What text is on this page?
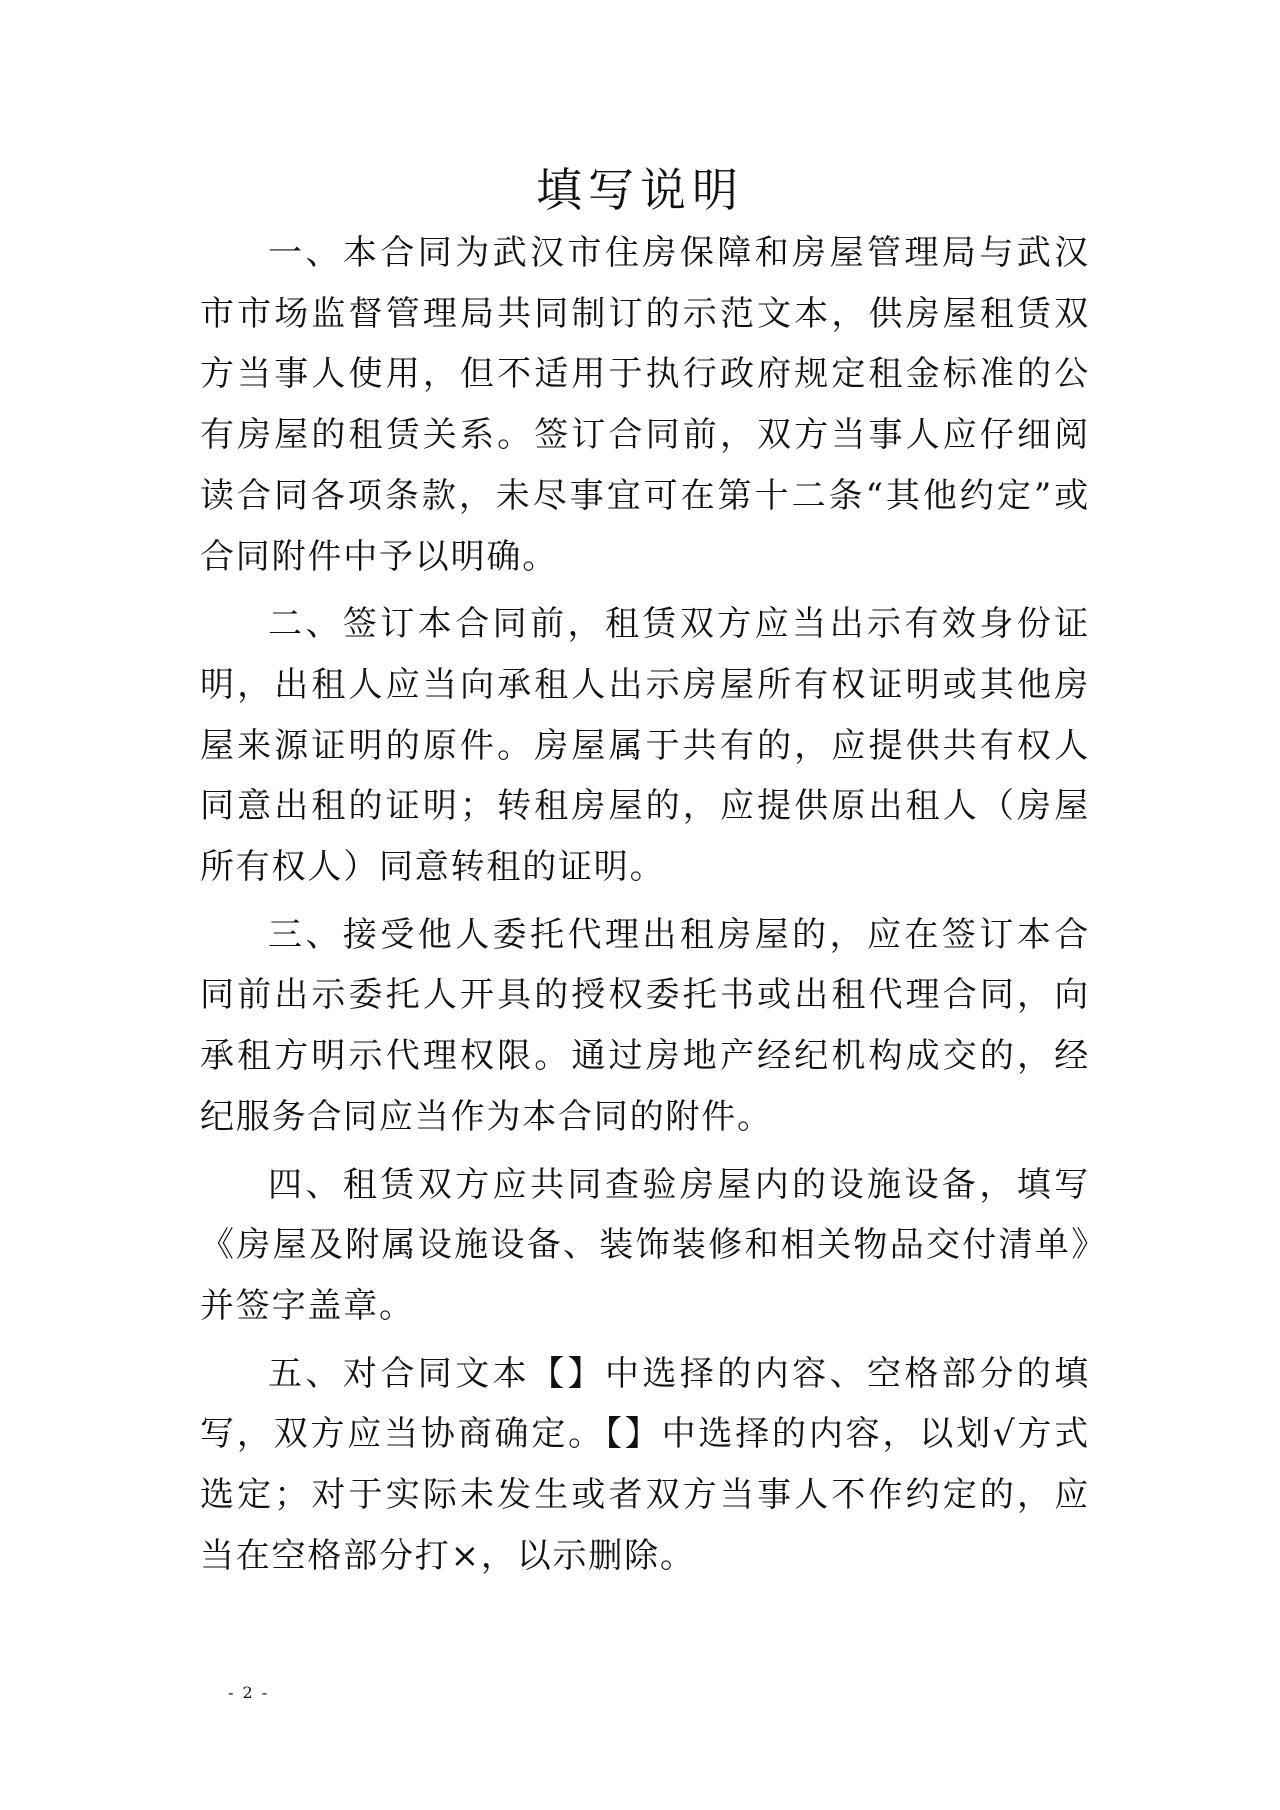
填写说明

一、本合同为武汉市住房保障和房屋管理局与武汉市市场监督管理局共同制订的示范文本，供房屋租赁双方当事人使用，但不适用于执行政府规定租金标准的公有房屋的租赁关系。签订合同前，双方当事人应仔细阅读合同各项条款，未尽事宜可在第十二条“其他约定”或合同附件中予以明确。

二、签订本合同前，租赁双方应当出示有效身份证明，出租人应当向承租人出示房屋所有权证明或其他房屋来源证明的原件。房屋属于共有的，应提供共有权人同意出租的证明；转租房屋的，应提供原出租人（房屋所有权人）同意转租的证明。

三、接受他人委托代理出租房屋的，应在签订本合同前出示委托人开具的授权委托书或出租代理合同，向承租方明示代理权限。通过房地产经纪机构成交的，经纪服务合同应当作为本合同的附件。

四、租赁双方应共同查验房屋内的设施设备，填写《房屋及附属设施设备、装饰装修和相关物品交付清单》并签字盖章。

五、对合同文本【】中选择的内容、空格部分的填写，双方应当协商确定。【】中选择的内容，以划√方式选定；对于实际未发生或者双方当事人不作约定的，应当在空格部分打×，以示删除。

- 2 -
